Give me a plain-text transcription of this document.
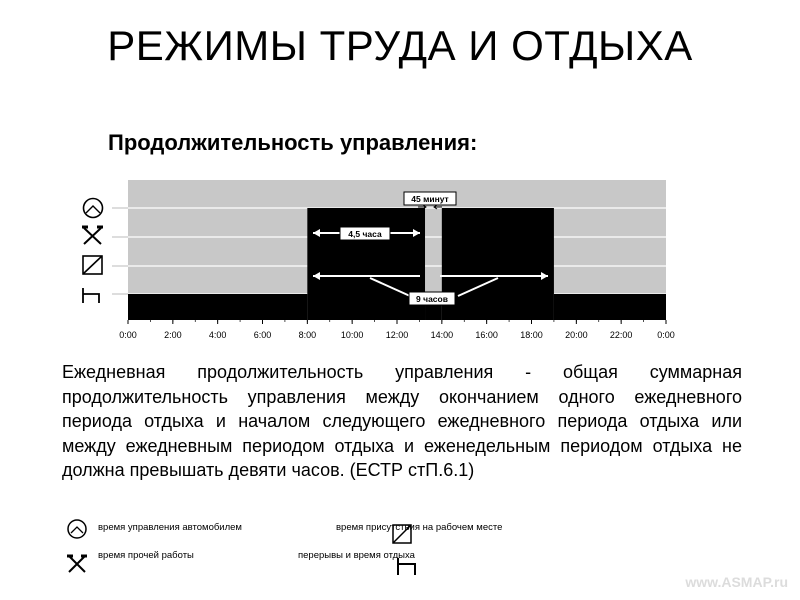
РЕЖИМЫ ТРУДА И ОТДЫХА
Продолжительность управления:
45 минут
4,5 часа
9 часов
0:00	2:00	4:00	6:00	8:00	10:00 12:00 14:00 16:00 18:00 20:00 22:00	0:00
Ежедневная продолжительность управления - общая суммарная продолжительность управления между окончанием одного ежедневного периода отдыха и началом следующего ежедневного периода отдыха или между ежедневным периодом отдыха и еженедельным периодом отдыха не должна превышать девяти часов. (ЕСТР стП.6.1)
время управления автомобилем
время прочей работы
время присутствия на рабочем месте
перерывы и время отдыха
www.ASMAP.ru
